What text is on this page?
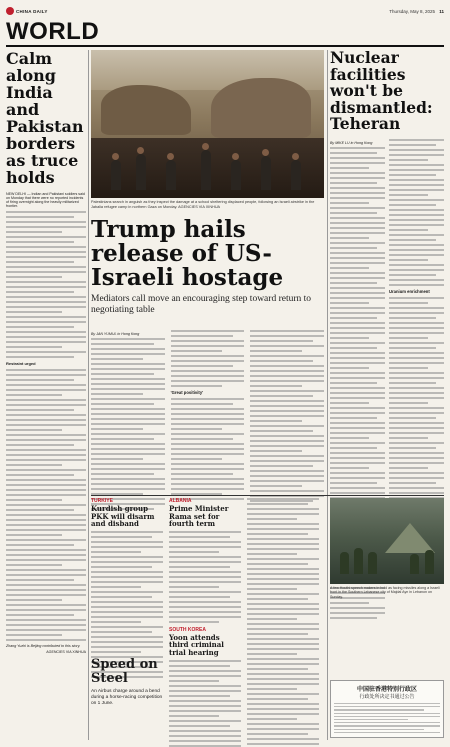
CHINA DAILY	Thursday, May 8, 2025 11
WORLD
Calm along India and Pakistan borders as truce holds
NEW DELHI — Indian and Pakistani soldiers said on Monday that there were no reported incidents of firing overnight along the heavily militarized frontier.
Restraint urged
Zhang Yuzhi is Beijing contributed to this story.
AGENCIES VIA XINHUA
Palestinians search in anguish as they inspect the damage at a school sheltering displaced people, following an Israeli airstrike in the Jabalia refugee camp in northern Gaza on Monday. AGENCIES VIA XINHUA
Trump hails release of US-Israeli hostage
Mediators call move an encouraging step toward return to negotiating table
By JAN YUMUL in Hong Kong
'Great positivity'
Nuclear facilities won't be dismantled: Teheran
By MIKE LU in Hong Kong
Uranium enrichment
TURKIYE
Kurdish group PKK will disarm and disband
ALBANIA
Prime Minister Rama set for fourth term
SOUTH KOREA
Yoon attends third criminal trial hearing
Speed on Steel
An Airbus charge around a bend during a horse-racing competition on 1 June.
A few Houthi speech makers in bold as facing missiles along a Israeli front in the Southern Lebanese city of Majdal Ayn in Lebanon on Sunday.
中国驻香港特别行政区
行政处所决定书通过公告
